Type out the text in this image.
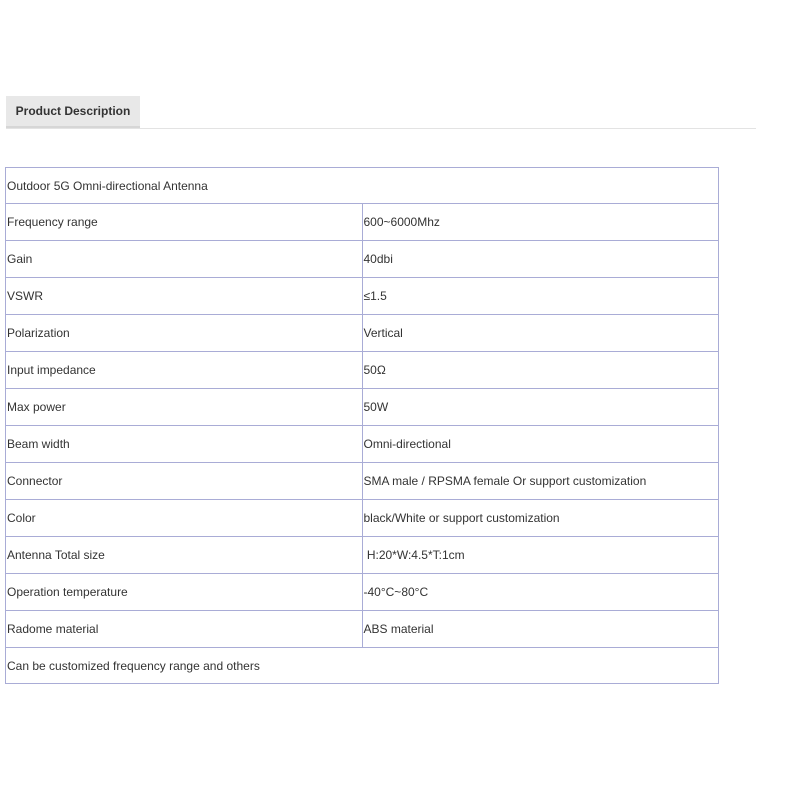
Product Description
Outdoor 5G Omni-directional Antenna	
Frequency range	600~6000Mhz
Gain	40dbi
VSWR	≤1.5
Polarization	Vertical
Input impedance	50Ω
Max power	50W
Beam width	Omni-directional
Connector	SMA male / RPSMA female Or support customization
Color	black/White or support customization
Antenna Total size	H:20*W:4.5*T:1cm
Operation temperature	-40°C~80°C
Radome material	ABS material
Can be customized frequency range and others	
